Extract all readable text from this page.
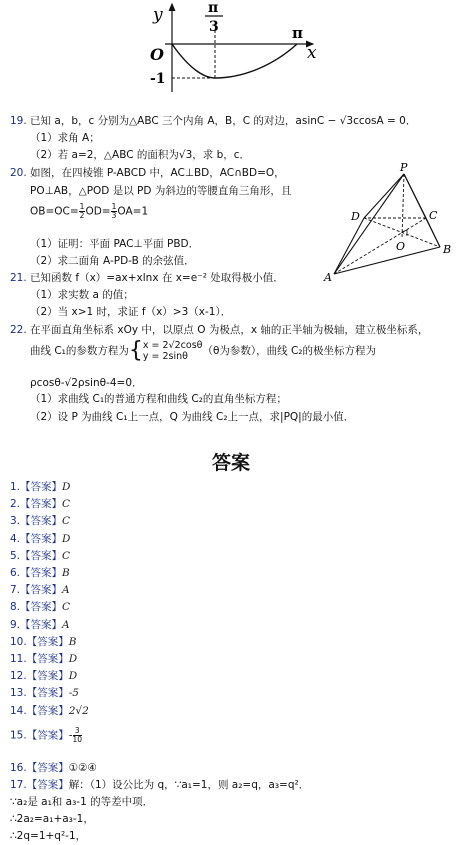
y
x
O
π
π
3
-1
19. 已知 a，b，c 分别为△ABC 三个内角 A，B，C 的对边，asinC − √3ccosA = 0．
（1）求角 A；
（2）若 a=2，△ABC 的面积为√3，求 b，c．
20. 如图，在四棱锥 P-ABCD 中，AC⊥BD，AC∩BD=O，
PO⊥AB，△POD 是以 PD 为斜边的等腰直角三角形，且
$OB=OC= \frac{1}{2} OD= \frac{1}{3} OA=1$
（1）证明：平面 PAC⊥平面 PBD．
（2）求二面角 A-PD-B 的余弦值．
P
D	C
O
A
B
21. 已知函数 f（x）=ax+xlnx 在 x=e⁻² 处取得极小值．
（1）求实数 a 的值；
（2）当 x>1 时，求证 f（x）>3（x-1）．
22. 在平面直角坐标系 xOy 中，以原点 O 为极点，x 轴的正半轴为极轴，建立极坐标系，
曲线 C₁的参数方程为{ x = 2√2cosθ
y = 2sinθ	（θ为参数），曲线 C₂的极坐标方程为
ρcosθ-√2ρsinθ-4=0．
（1）求曲线 C₁的普通方程和曲线 C₂的直角坐标方程；
（2）设 P 为曲线 C₁上一点，Q 为曲线 C₂上一点，求|PQ|的最小值．
答案
1.【答案】D
2.【答案】C
3.【答案】C
4.【答案】D
5.【答案】C
6.【答案】B
7.【答案】A
8.【答案】C
9.【答案】A
10.【答案】B
11.【答案】D
12.【答案】D
13.【答案】-5
14.【答案】2√2
15.【答案】- $\frac{3}{10}$
16.【答案】①②④
17.【答案】解：（1）设公比为 q，∵a₁=1，则 a₂=q，a₃=q²．
∵a₂是 a₁和 a₃-1 的等差中项．
∴2a₂=a₁+a₃-1，
∴2q=1+q²-1，
